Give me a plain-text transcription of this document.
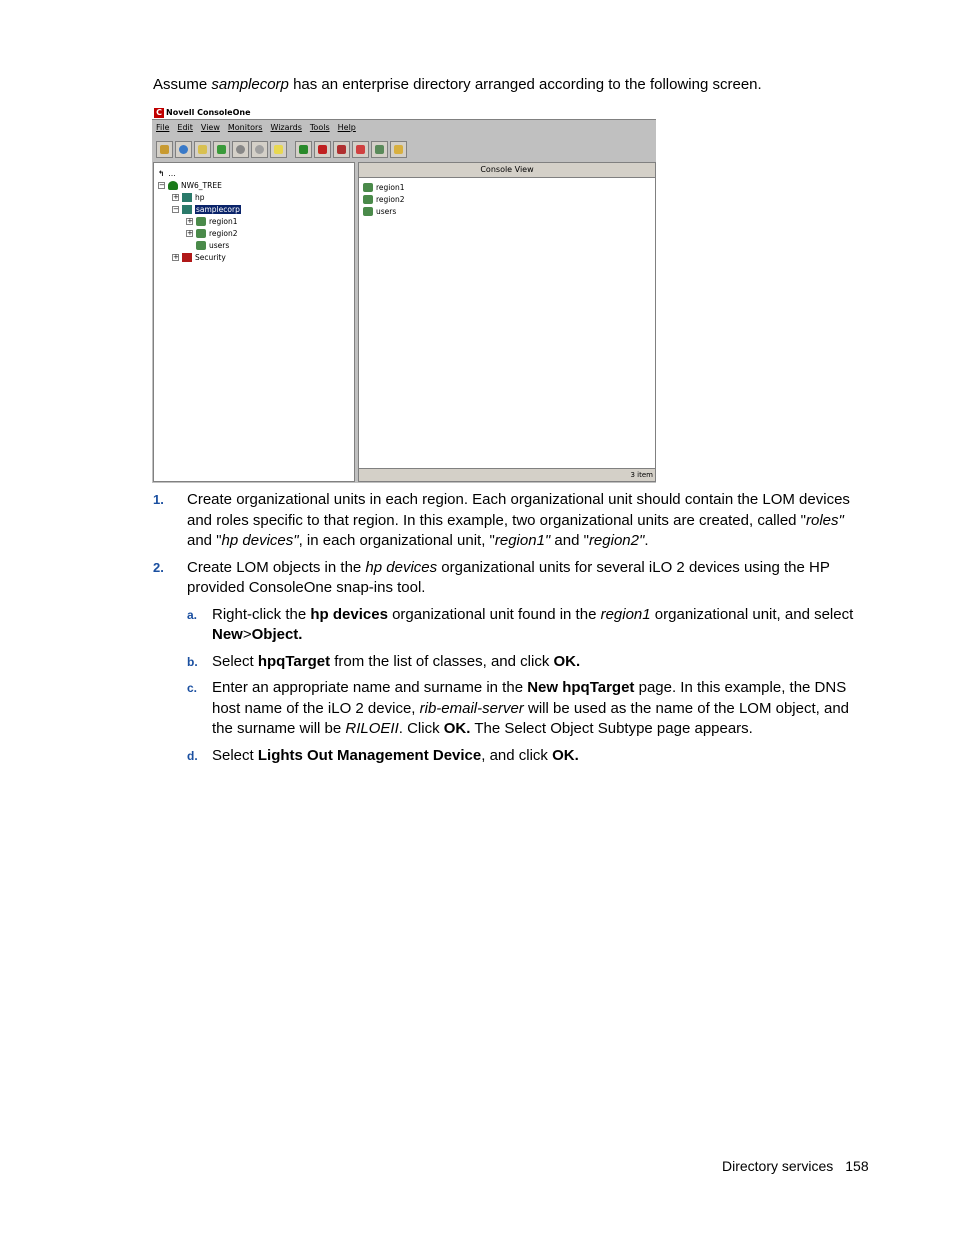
Assume samplecorp has an enterprise directory arranged according to the following screen.
C Novell ConsoleOne
File	Edit	View	Monitors	Wizards	Tools	Help
↰ …
− NW6_TREE
+ hp
− samplecorp
+ region1
+ region2
users
+ Security
Console View
region1
region2
users
3 item
1. Create organizational units in each region. Each organizational unit should contain the LOM devices and roles specific to that region. In this example, two organizational units are created, called "roles" and "hp devices", in each organizational unit, "region1" and "region2".
2. Create LOM objects in the hp devices organizational units for several iLO 2 devices using the HP provided ConsoleOne snap-ins tool.
a. Right-click the hp devices organizational unit found in the region1 organizational unit, and select New>Object.
b. Select hpqTarget from the list of classes, and click OK.
c. Enter an appropriate name and surname in the New hpqTarget page. In this example, the DNS host name of the iLO 2 device, rib-email-server will be used as the name of the LOM object, and the surname will be RILOEII. Click OK. The Select Object Subtype page appears.
d. Select Lights Out Management Device, and click OK.
Directory services 158
